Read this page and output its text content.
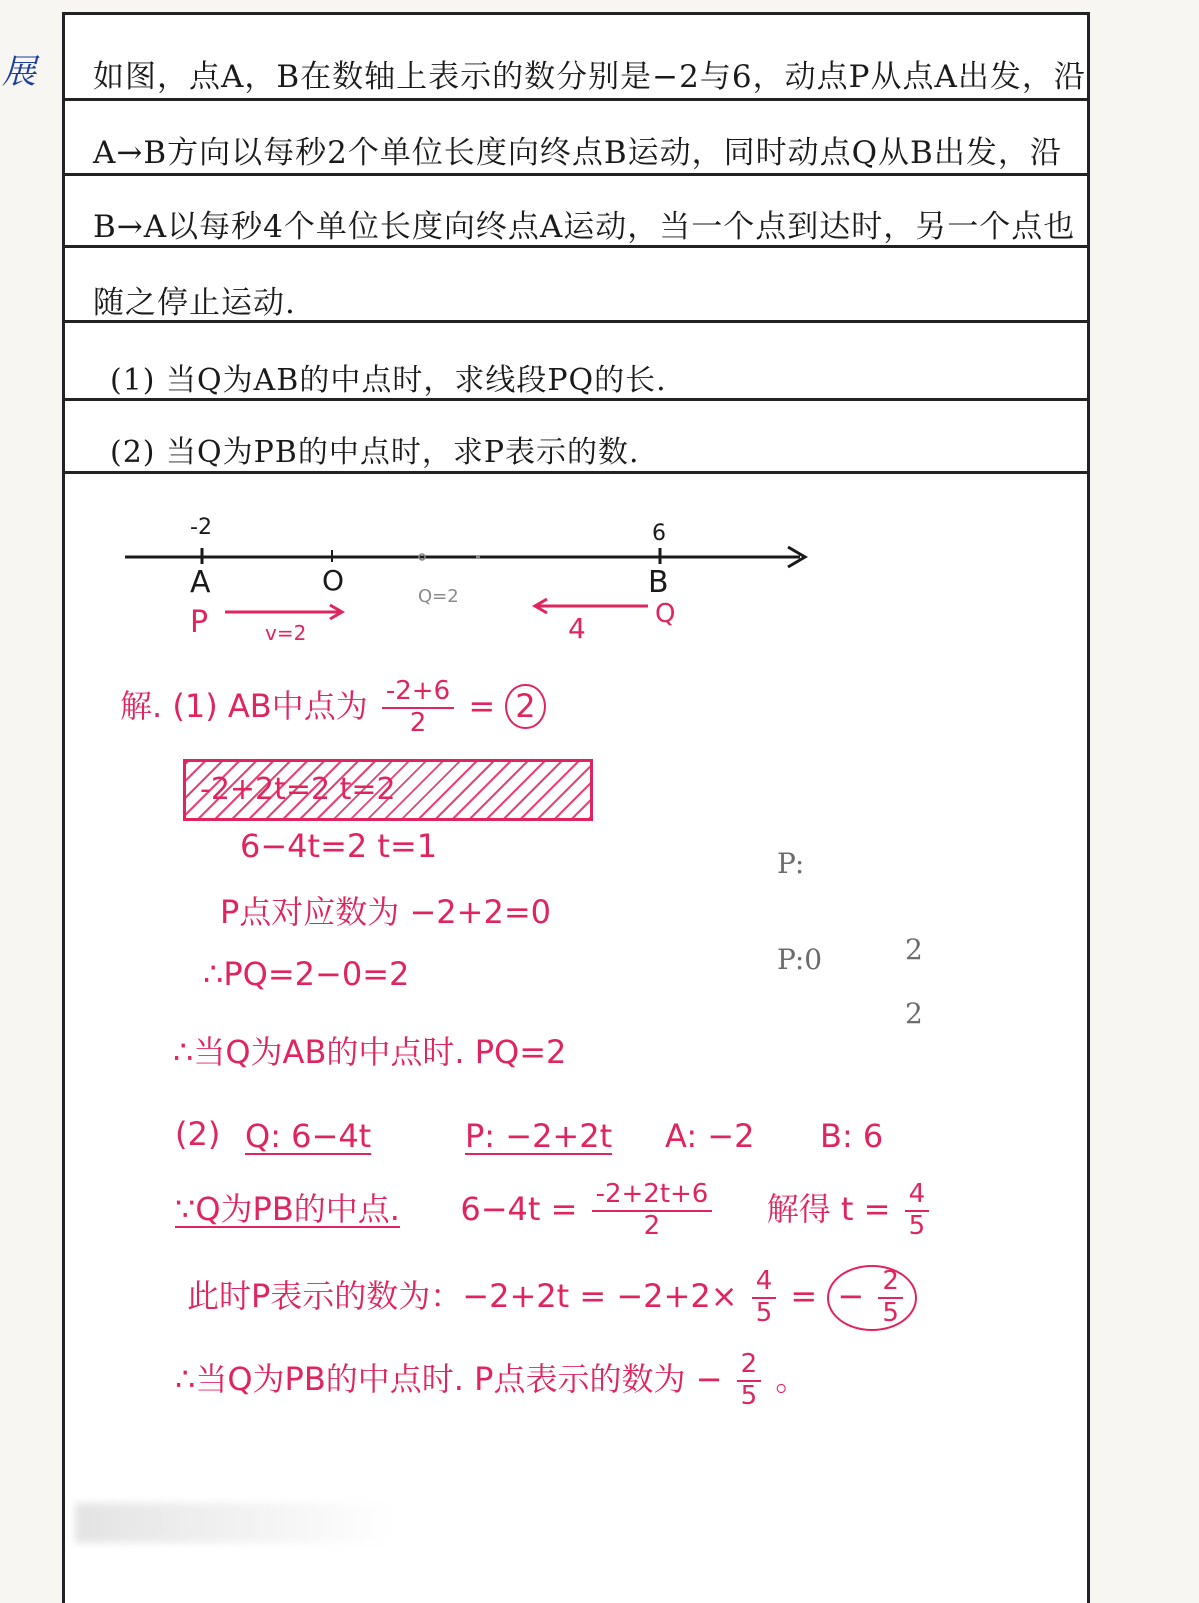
展 如图，点A，B在数轴上表示的数分别是−2与6，动点P从点A出发，沿
A→B方向以每秒2个单位长度向终点B运动，同时动点Q从B出发，沿
B→A以每秒4个单位长度向终点A运动，当一个点到达时，另一个点也
随之停止运动.
(1) 当Q为AB的中点时，求线段PQ的长.
(2) 当Q为PB的中点时，求P表示的数.
解. (1) AB中点为 $\frac{-2+6}{2} = 2$
-2+2t=2 t=2
6−4t=2 t=1
P点对应数为 −2+2=0
∴PQ=2−0=2
∴当Q为AB的中点时. PQ=2
(2) Q: 6−4t	P: −2+2t A: −2 B: 6
∵Q为PB的中点. $6-4t = \frac{-2+2t+6}{2}$ 解得 $t = \frac{4}{5}$
此时P表示的数为：$-2+2t = -2+2\times \frac{4}{5}$ = − $\frac{2}{5}$
∴当Q为PB的中点时. P点表示的数为 − $\frac{2}{5}$ 。
P:
P:0	2
2
-2	6
A	O	B
Q=2
P	v=2
Q
4
